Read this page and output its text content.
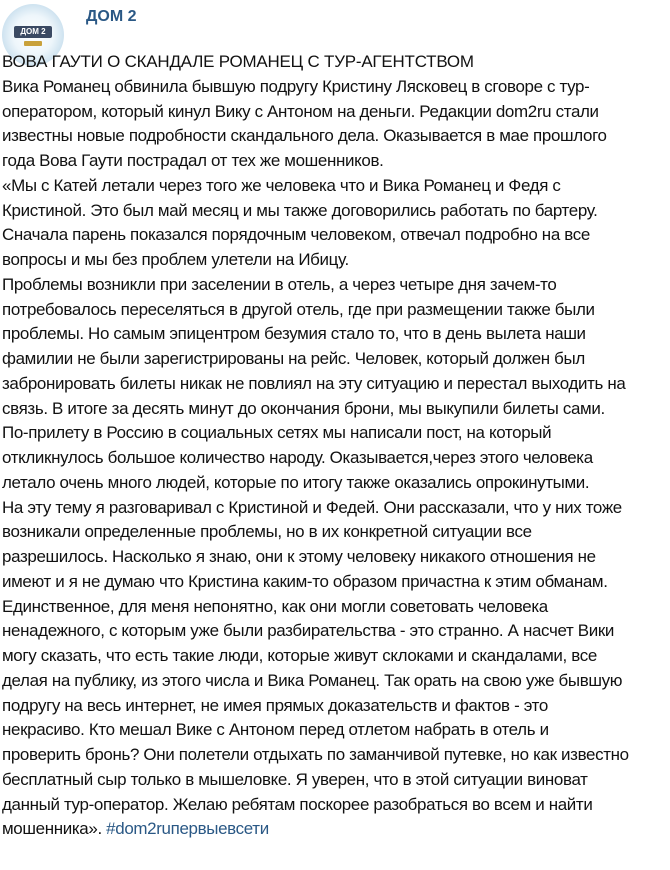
ДОМ 2
ДОМ 2
ВОВА ГАУТИ О СКАНДАЛЕ РОМАНЕЦ С ТУР-АГЕНТСТВОМ
Вика Романец обвинила бывшую подругу Кристину Лясковец в сговоре с тур-
оператором, который кинул Вику с Антоном на деньги. Редакции dom2ru стали
известны новые подробности скандального дела. Оказывается в мае прошлого
года Вова Гаути пострадал от тех же мошенников.
«Мы с Катей летали через того же человека что и Вика Романец и Федя с
Кристиной. Это был май месяц и мы также договорились работать по бартеру.
Сначала парень показался порядочным человеком, отвечал подробно на все
вопросы и мы без проблем улетели на Ибицу.
Проблемы возникли при заселении в отель, а через четыре дня зачем-то
потребовалось переселяться в другой отель, где при размещении также были
проблемы. Но самым эпицентром безумия стало то, что в день вылета наши
фамилии не были зарегистрированы на рейс. Человек, который должен был
забронировать билеты никак не повлиял на эту ситуацию и перестал выходить на
связь. В итоге за десять минут до окончания брони, мы выкупили билеты сами.
По-прилету в Россию в социальных сетях мы написали пост, на который
откликнулось большое количество народу. Оказывается,через этого человека
летало очень много людей, которые по итогу также оказались опрокинутыми.
На эту тему я разговаривал с Кристиной и Федей. Они рассказали, что у них тоже
возникали определенные проблемы, но в их конкретной ситуации все
разрешилось. Насколько я знаю, они к этому человеку никакого отношения не
имеют и я не думаю что Кристина каким-то образом причастна к этим обманам.
Единственное, для меня непонятно, как они могли советовать человека
ненадежного, с которым уже были разбирательства - это странно. А насчет Вики
могу сказать, что есть такие люди, которые живут склоками и скандалами, все
делая на публику, из этого числа и Вика Романец. Так орать на свою уже бывшую
подругу на весь интернет, не имея прямых доказательств и фактов - это
некрасиво. Кто мешал Вике с Антоном перед отлетом набрать в отель и
проверить бронь? Они полетели отдыхать по заманчивой путевке, но как известно
бесплатный сыр только в мышеловке. Я уверен, что в этой ситуации виноват
данный тур-оператор. Желаю ребятам поскорее разобраться во всем и найти
мошенника». #dom2ruпервыевсети
